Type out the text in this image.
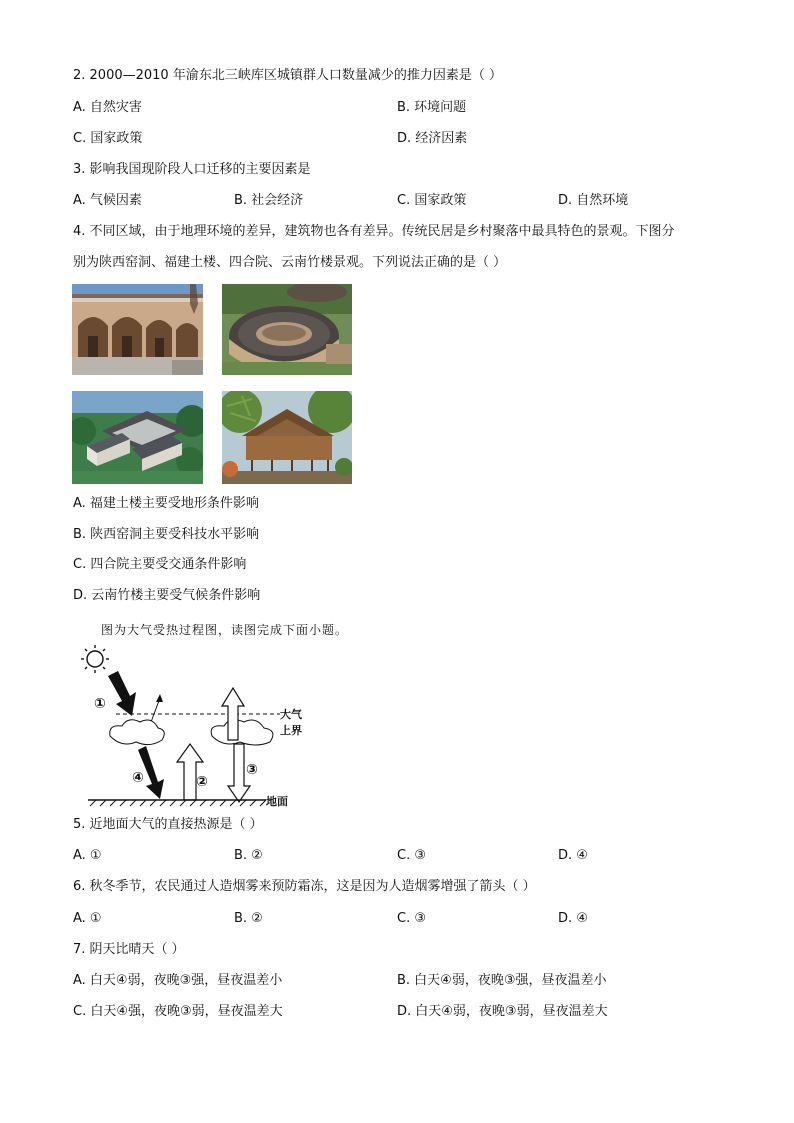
2. 2000—2010 年渝东北三峡库区城镇群人口数量减少的推力因素是（ ）
A. 自然灾害	B. 环境问题
C. 国家政策	D. 经济因素
3. 影响我国现阶段人口迁移的主要因素是
A. 气候因素	B. 社会经济	C. 国家政策	D. 自然环境
4. 不同区域，由于地理环境的差异，建筑物也各有差异。传统民居是乡村聚落中最具特色的景观。下图分
别为陕西窑洞、福建土楼、四合院、云南竹楼景观。下列说法正确的是（ ）
A. 福建土楼主要受地形条件影响
B. 陕西窑洞主要受科技水平影响
C. 四合院主要受交通条件影响
D. 云南竹楼主要受气候条件影响
图为大气受热过程图，读图完成下面小题。
①
④	②
③
大气上界
地面
5. 近地面大气的直接热源是（ ）
A. ①	B. ②	C. ③	D. ④
6. 秋冬季节，农民通过人造烟雾来预防霜冻，这是因为人造烟雾增强了箭头（ ）
A. ①	B. ②	C. ③	D. ④
7. 阴天比晴天（ ）
A. 白天④弱，夜晚③强，昼夜温差小	B. 白天④弱，夜晚③强，昼夜温差小
C. 白天④强，夜晚③弱，昼夜温差大	D. 白天④弱，夜晚③弱，昼夜温差大
